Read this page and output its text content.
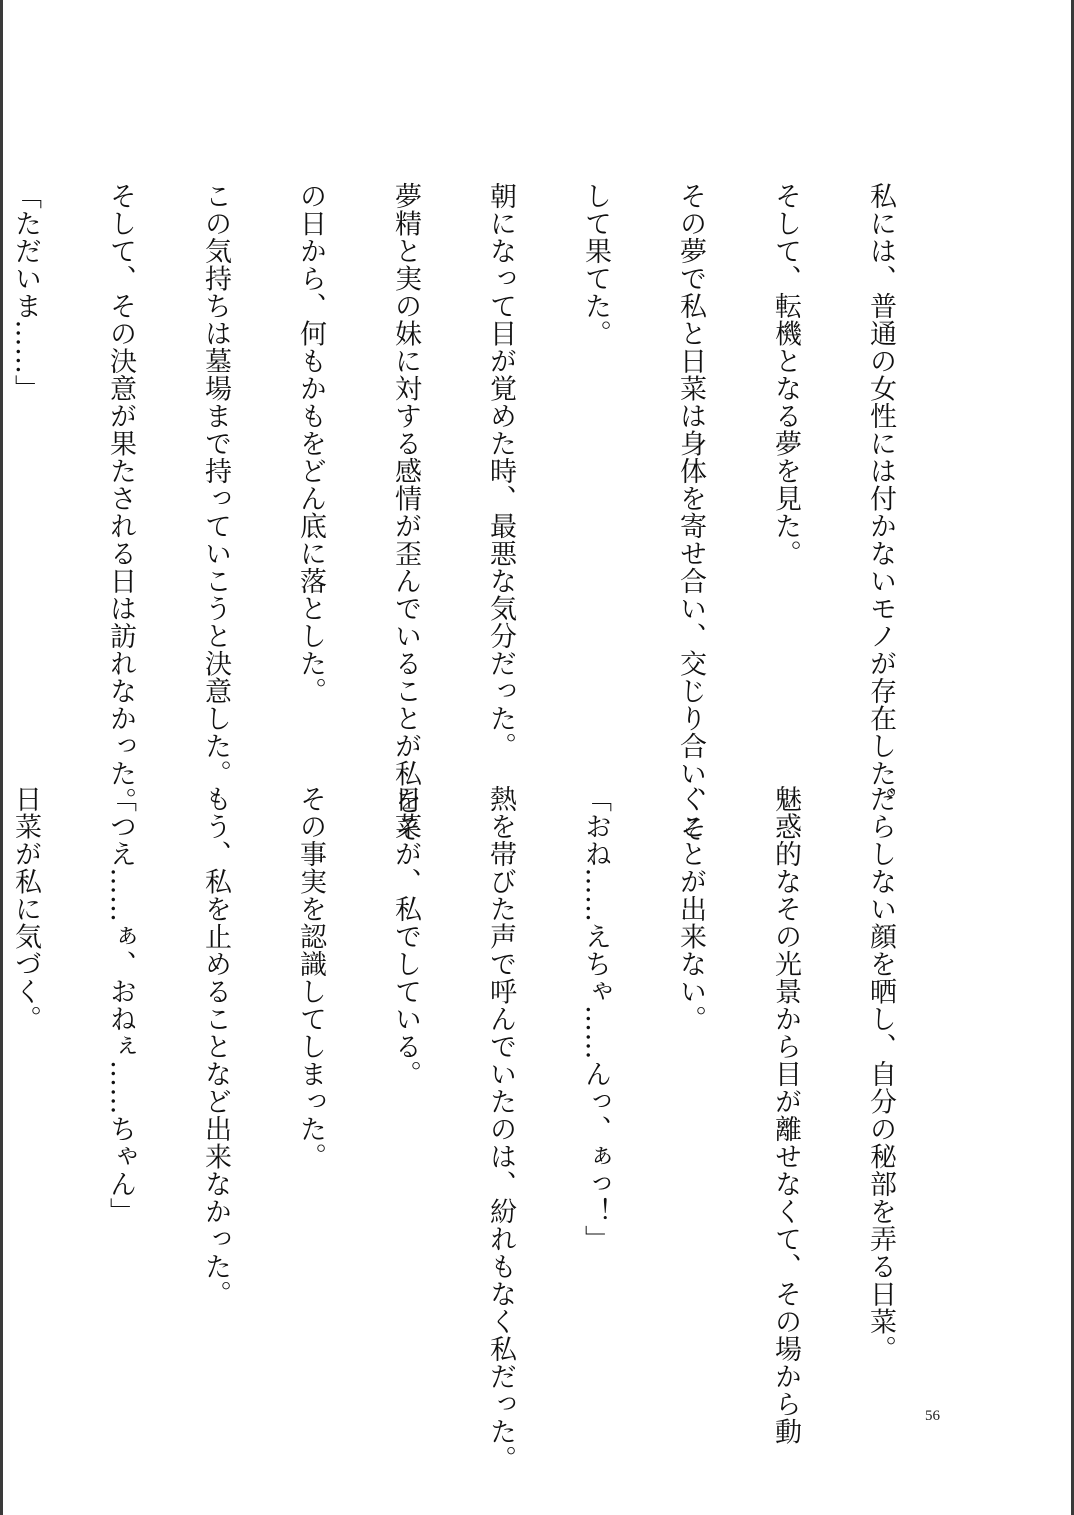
私には、普通の女性には付かないモノが存在した。

そして、転機となる夢を見た。

その夢で私と日菜は身体を寄せ合い、交じり合い、そ

して果てた。

朝になって目が覚めた時、最悪な気分だった。

夢精と実の妹に対する感情が歪んでいることが私をそ

の日から、何もかもをどん底に落とした。

この気持ちは墓場まで持っていこうと決意した。

そして、その決意が果たされる日は訪れなかった。

「ただいま……」

だらしない顔を晒し、自分の秘部を弄る日菜。

魅惑的なその光景から目が離せなくて、その場から動

くことが出来ない。

「おね……えちゃ……んっ、ぁっ！」

熱を帯びた声で呼んでいたのは、紛れもなく私だった。

日菜が、私でしている。

その事実を認識してしまった。

もう、私を止めることなど出来なかった。

「つえ……ぁ、おねぇ……ちゃん」

日菜が私に気づく。

56
